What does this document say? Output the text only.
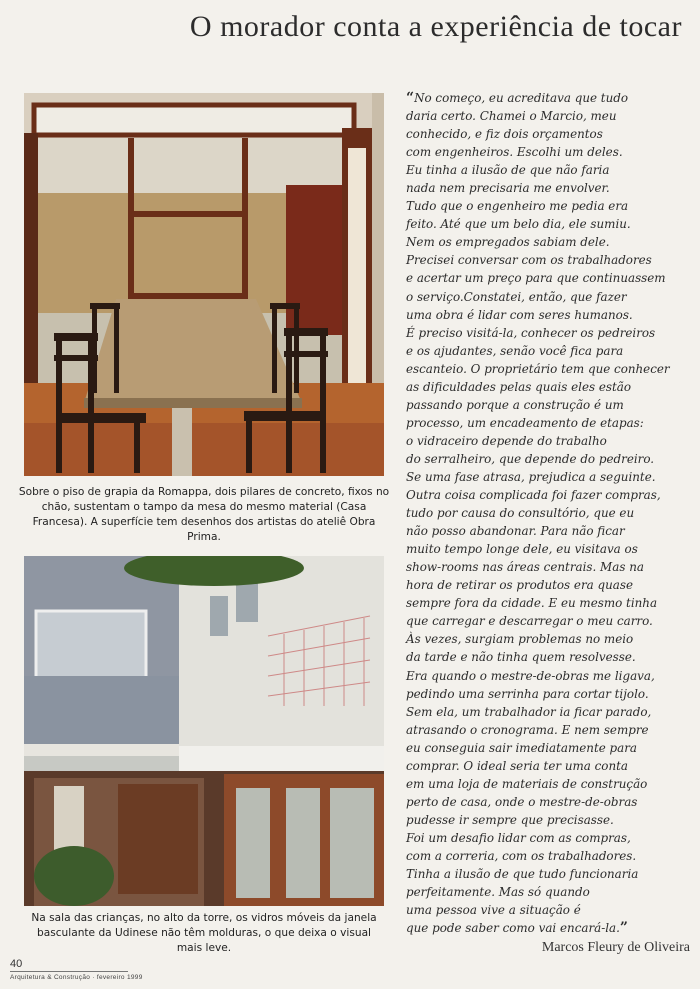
O morador conta a experiência de tocar
Sobre o piso de grapia da Romappa, dois pilares de concreto, fixos no chão, sustentam o tampo da mesa do mesmo material (Casa Francesa). A superfície tem desenhos dos artistas do ateliê Obra Prima.
Na sala das crianças, no alto da torre, os vidros móveis da janela basculante da Udinese não têm molduras, o que deixa o visual mais leve.
“No começo, eu acreditava que tudo
daria certo. Chamei o Marcio, meu
conhecido, e fiz dois orçamentos
com engenheiros. Escolhi um deles.
Eu tinha a ilusão de que não faria
nada nem precisaria me envolver.
Tudo que o engenheiro me pedia era
feito. Até que um belo dia, ele sumiu.
Nem os empregados sabiam dele.
Precisei conversar com os trabalhadores
e acertar um preço para que continuassem
o serviço.Constatei, então, que fazer
uma obra é lidar com seres humanos.
É preciso visitá-la, conhecer os pedreiros
e os ajudantes, senão você fica para
escanteio. O proprietário tem que conhecer
as dificuldades pelas quais eles estão
passando porque a construção é um
processo, um encadeamento de etapas:
o vidraceiro depende do trabalho
do serralheiro, que depende do pedreiro.
Se uma fase atrasa, prejudica a seguinte.
Outra coisa complicada foi fazer compras,
tudo por causa do consultório, que eu
não posso abandonar. Para não ficar
muito tempo longe dele, eu visitava os
show-rooms nas áreas centrais. Mas na
hora de retirar os produtos era quase
sempre fora da cidade. E eu mesmo tinha
que carregar e descarregar o meu carro.
Às vezes, surgiam problemas no meio
da tarde e não tinha quem resolvesse.
Era quando o mestre-de-obras me ligava,
pedindo uma serrinha para cortar tijolo.
Sem ela, um trabalhador ia ficar parado,
atrasando o cronograma. E nem sempre
eu conseguia sair imediatamente para
comprar. O ideal seria ter uma conta
em uma loja de materiais de construção
perto de casa, onde o mestre-de-obras
pudesse ir sempre que precisasse.
Foi um desafio lidar com as compras,
com a correria, com os trabalhadores.
Tinha a ilusão de que tudo funcionaria
perfeitamente. Mas só quando
uma pessoa vive a situação é
que pode saber como vai encará-la.”
Marcos Fleury de Oliveira
40
Arquitetura & Construção · fevereiro 1999
